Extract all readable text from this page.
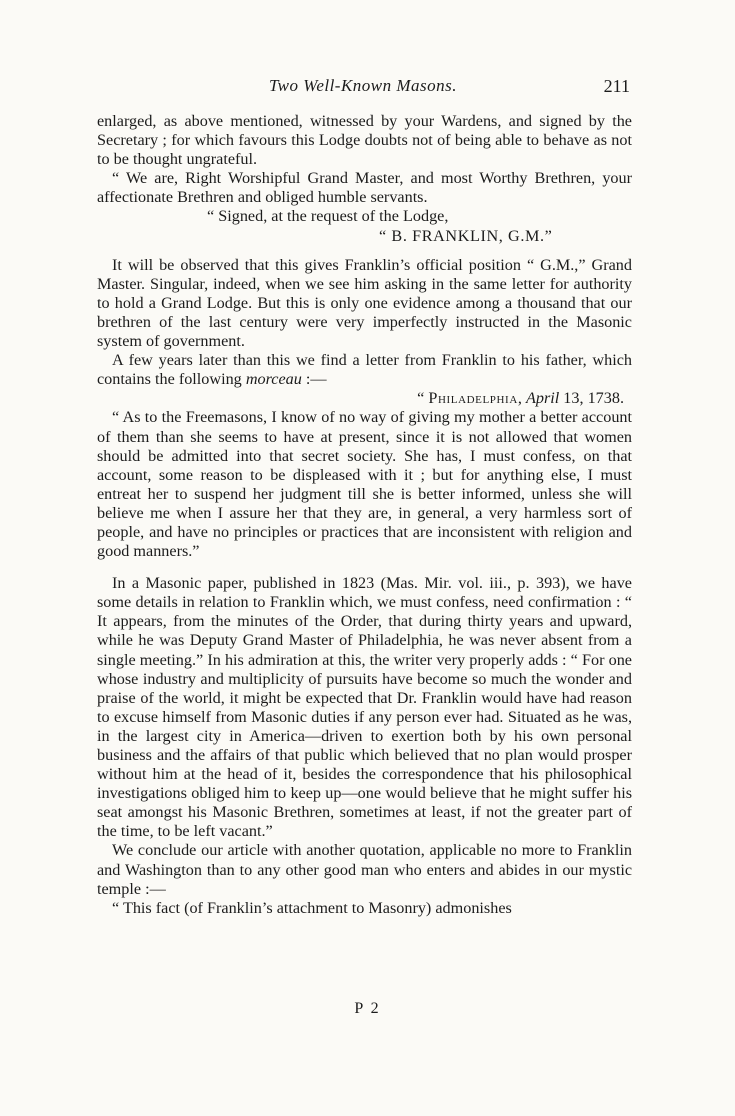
Two Well-Known Masons.	211

enlarged, as above mentioned, witnessed by your Wardens, and signed by the Secretary ; for which favours this Lodge doubts not of being able to behave as not to be thought ungrateful.

“ We are, Right Worshipful Grand Master, and most Worthy Brethren, your affectionate Brethren and obliged humble servants.

“ Signed, at the request of the Lodge,

“ B. FRANKLIN, G.M.”

It will be observed that this gives Franklin’s official position “ G.M.,” Grand Master. Singular, indeed, when we see him asking in the same letter for authority to hold a Grand Lodge. But this is only one evidence among a thousand that our brethren of the last century were very imperfectly instructed in the Masonic system of government.

A few years later than this we find a letter from Franklin to his father, which contains the following morceau :—

“ Philadelphia, April 13, 1738.

“ As to the Freemasons, I know of no way of giving my mother a better account of them than she seems to have at present, since it is not allowed that women should be admitted into that secret society. She has, I must confess, on that account, some reason to be displeased with it ; but for anything else, I must entreat her to suspend her judgment till she is better informed, unless she will believe me when I assure her that they are, in general, a very harmless sort of people, and have no principles or practices that are inconsistent with religion and good manners.”

In a Masonic paper, published in 1823 (Mas. Mir. vol. iii., p. 393), we have some details in relation to Franklin which, we must confess, need confirmation : “ It appears, from the minutes of the Order, that during thirty years and upward, while he was Deputy Grand Master of Philadelphia, he was never absent from a single meeting.” In his admiration at this, the writer very properly adds : “ For one whose industry and multiplicity of pursuits have become so much the wonder and praise of the world, it might be expected that Dr. Franklin would have had reason to excuse himself from Masonic duties if any person ever had. Situated as he was, in the largest city in America—driven to exertion both by his own personal business and the affairs of that public which believed that no plan would prosper without him at the head of it, besides the correspondence that his philosophical investigations obliged him to keep up—one would believe that he might suffer his seat amongst his Masonic Brethren, sometimes at least, if not the greater part of the time, to be left vacant.”

We conclude our article with another quotation, applicable no more to Franklin and Washington than to any other good man who enters and abides in our mystic temple :—

“ This fact (of Franklin’s attachment to Masonry) admonishes

P 2
